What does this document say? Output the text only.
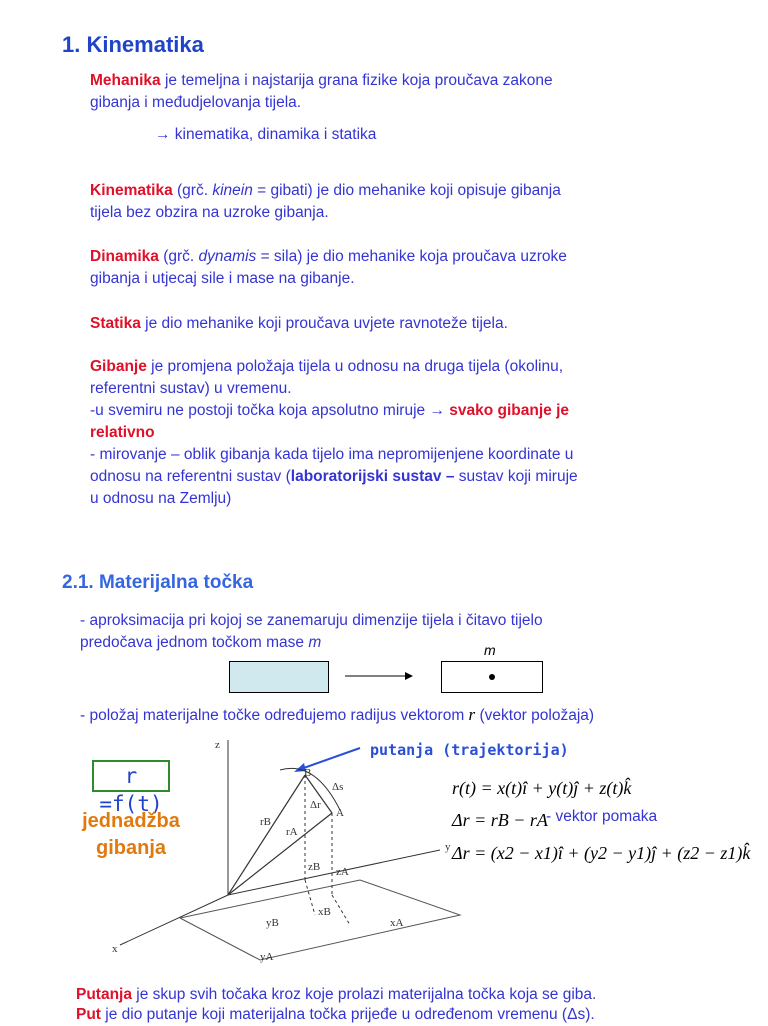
1. Kinematika
Mehanika je temeljna i najstarija grana fizike koja proučava zakone
gibanja i međudjelovanja tijela.
→ kinematika, dinamika i statika
Kinematika (grč. kinein = gibati) je dio mehanike koji opisuje gibanja
tijela bez obzira na uzroke gibanja.
Dinamika (grč. dynamis = sila) je dio mehanike koja proučava uzroke
gibanja i utjecaj sile i mase na gibanje.
Statika je dio mehanike koji proučava uvjete ravnoteže tijela.
Gibanje je promjena položaja tijela u odnosu na druga tijela (okolinu,
referentni sustav) u vremenu.
-u svemiru ne postoji točka koja apsolutno miruje → svako gibanje je
relativno
- mirovanje – oblik gibanja kada tijelo ima nepromijenjene koordinate u
odnosu na referentni sustav (laboratorijski sustav – sustav koji miruje
u odnosu na Zemlju)
2.1. Materijalna točka
- aproksimacija pri kojoj se zanemaruju dimenzije tijela i čitavo tijelo
predočava jednom točkom mase m	m
- položaj materijalne točke određujemo radijus vektorom r (vektor položaja)
r =f(t)
jednadžba
gibanja
putanja (trajektorija)
r(t) = x(t)î + y(t)ĵ + z(t)k̂
Δr = rB − rA
- vektor pomaka
Δr = (x2 − x1)î + (y2 − y1)ĵ + (z2 − z1)k̂
z
y
x
B
A
Δs
Δr
rB
rA
zB zA
xB
xA
yB
yA
Putanja je skup svih točaka kroz koje prolazi materijalna točka koja se giba.
Put je dio putanje koji materijalna točka prijeđe u određenom vremenu (Δs).
